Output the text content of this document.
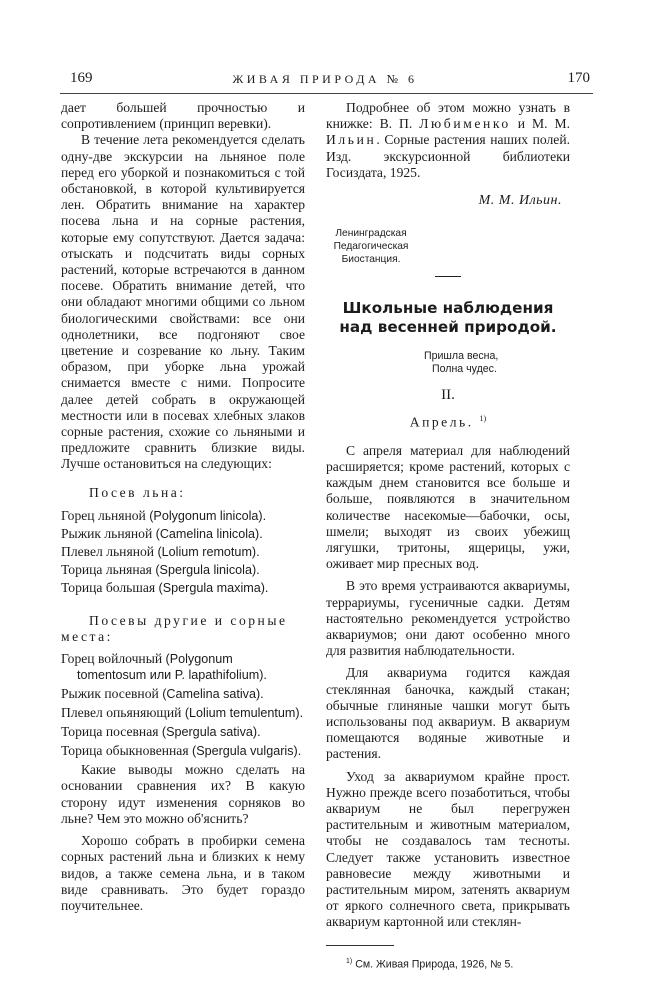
169	ЖИВАЯ ПРИРОДА № 6	170

дает большей прочностью и сопротивлением (принцип веревки).

В течение лета рекомендуется сделать одну-две экскурсии на льняное поле перед его уборкой и познакомиться с той обстановкой, в которой культивируется лен. Обратить внимание на характер посева льна и на сорные растения, которые ему сопутствуют. Дается задача: отыскать и подсчитать виды сорных растений, которые встречаются в данном посеве. Обратить внимание детей, что они обладают многими общими со льном биологическими свойствами: все они однолетники, все подгоняют свое цветение и созревание ко льну. Таким образом, при уборке льна урожай снимается вместе с ними. Попросите далее детей собрать в окружающей местности или в посевах хлебных злаков сорные растения, схожие со льняными и предложите сравнить близкие виды. Лучше остановиться на следующих:

Посев льна:

Горец льняной (Polygonum linicola).
Рыжик льняной (Camelina linicola).
Плевел льняной (Lolium remotum).
Торица льняная (Spergula linicola).
Торица большая (Spergula maxima).

Посевы другие и сорные места:

Горец войлочный (Polygonum tomentosum или P. lapathifolium).
Рыжик посевной (Camelina sativa).
Плевел опьяняющий (Lolium temulentum).
Торица посевная (Spergula sativa).
Торица обыкновенная (Spergula vulgaris).

Какие выводы можно сделать на основании сравнения их? В какую сторону идут изменения сорняков во льне? Чем это можно об'яснить?

Хорошо собрать в пробирки семена сорных растений льна и близких к нему видов, а также семена льна, и в таком виде сравнивать. Это будет гораздо поучительнее.

Подробнее об этом можно узнать в книжке: В. П. Любименко и М. М. Ильин. Сорные растения наших полей. Изд. экскурсионной библиотеки Госиздата, 1925.

М. М. Ильин.

Ленинградская
Педагогическая
Биостанция.
Школьные наблюдения над весенней природой.
Пришла весна,
Полна чудес.
II.
Апрель. $^{1)}$

С апреля материал для наблюдений расширяется; кроме растений, которых с каждым днем становится все больше и больше, появляются в значительном количестве насекомые—бабочки, осы, шмели; выходят из своих убежищ лягушки, тритоны, ящерицы, ужи, оживает мир пресных вод.

В это время устраиваются аквариумы, террариумы, гусеничные садки. Детям настоятельно рекомендуется устройство аквариумов; они дают особенно много для развития наблюдательности.

Для аквариума годится каждая стеклянная баночка, каждый стакан; обычные глиняные чашки могут быть использованы под аквариум. В аквариум помещаются водяные животные и растения.

Уход за аквариумом крайне прост. Нужно прежде всего позаботиться, чтобы аквариум не был перегружен растительным и животным материалом, чтобы не создавалось там тесноты. Следует также установить известное равновесие между животными и растительным миром, затенять аквариум от яркого солнечного света, прикрывать аквариум картонной или стеклян-

$^{1)}$ См. Живая Природа, 1926, № 5.
